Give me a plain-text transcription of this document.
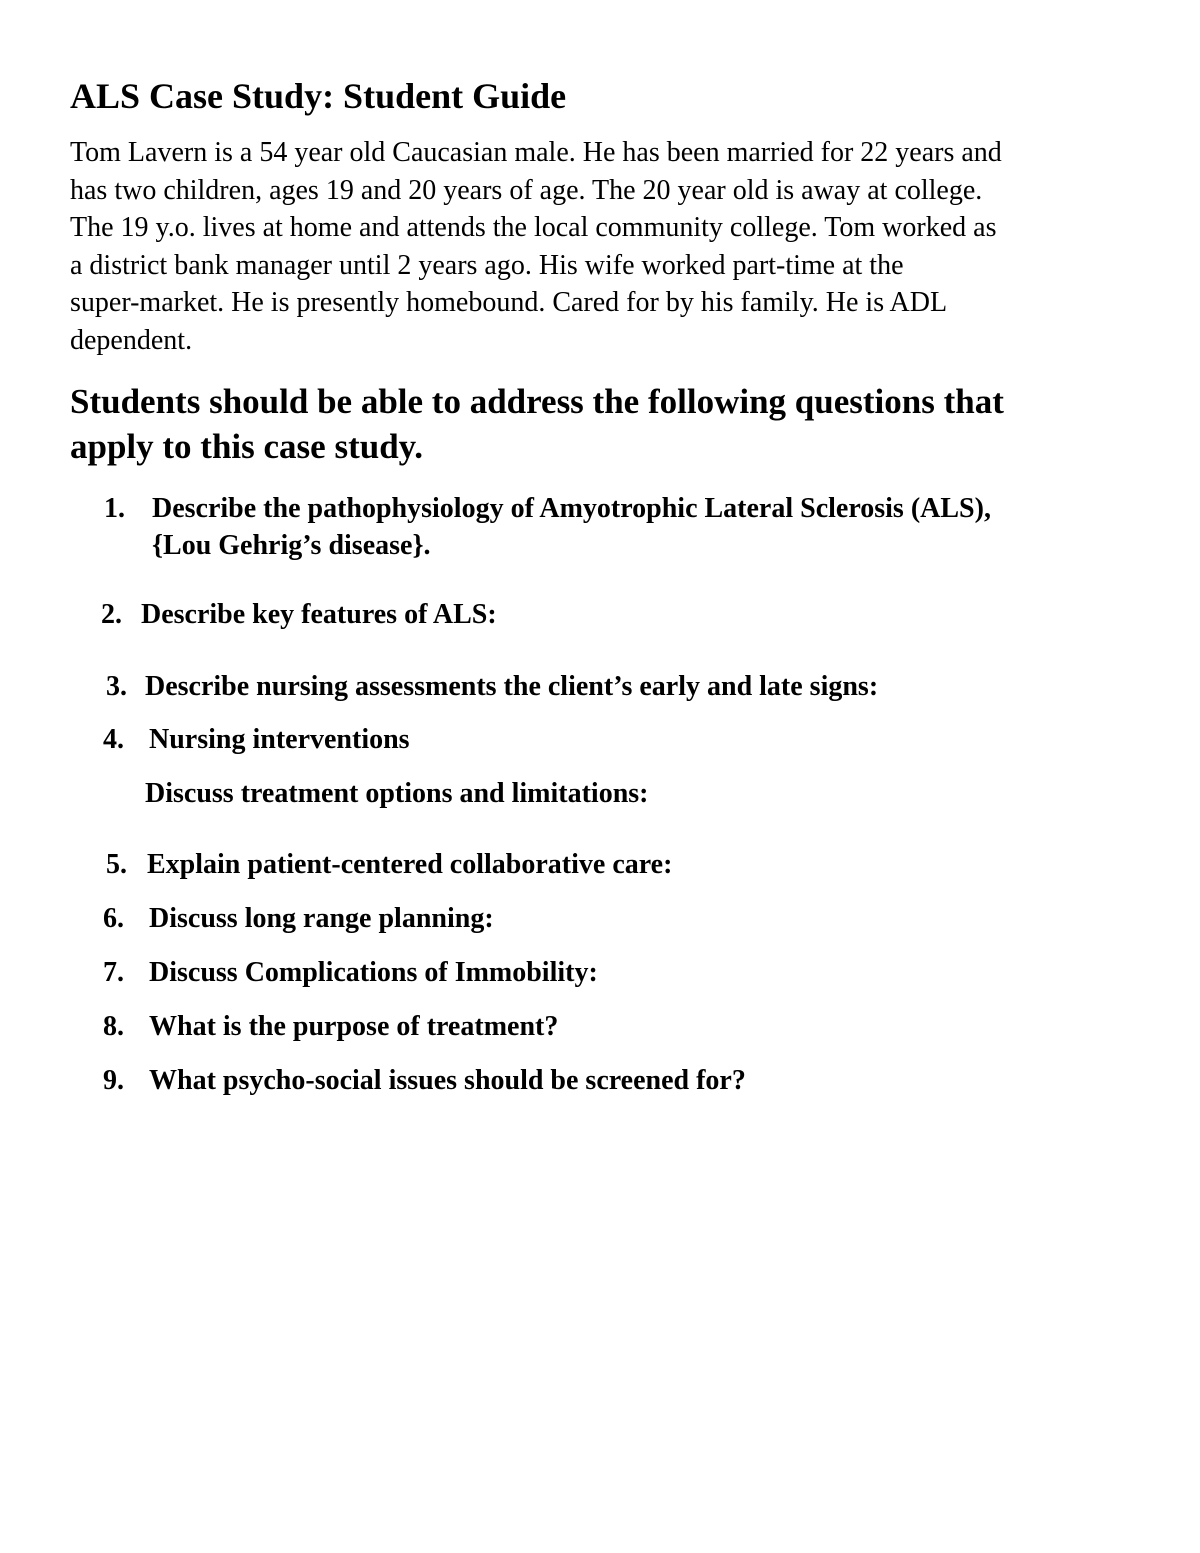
ALS Case Study: Student Guide
Tom Lavern is a 54 year old Caucasian male. He has been married for 22 years and
has two children, ages 19 and 20 years of age. The 20 year old is away at college.
The 19 y.o. lives at home and attends the local community college. Tom worked as
a district bank manager until 2 years ago. His wife worked part-time at the
super-market. He is presently homebound. Cared for by his family. He is ADL
dependent.
Students should be able to address the following questions that
apply to this case study.
1. Describe the pathophysiology of Amyotrophic Lateral Sclerosis (ALS),
{Lou Gehrig’s disease}.
2. Describe key features of ALS:
3. Describe nursing assessments the client’s early and late signs:
4. Nursing interventions
Discuss treatment options and limitations:
5. Explain patient-centered collaborative care:
6. Discuss long range planning:
7. Discuss Complications of Immobility:
8. What is the purpose of treatment?
9. What psycho-social issues should be screened for?
